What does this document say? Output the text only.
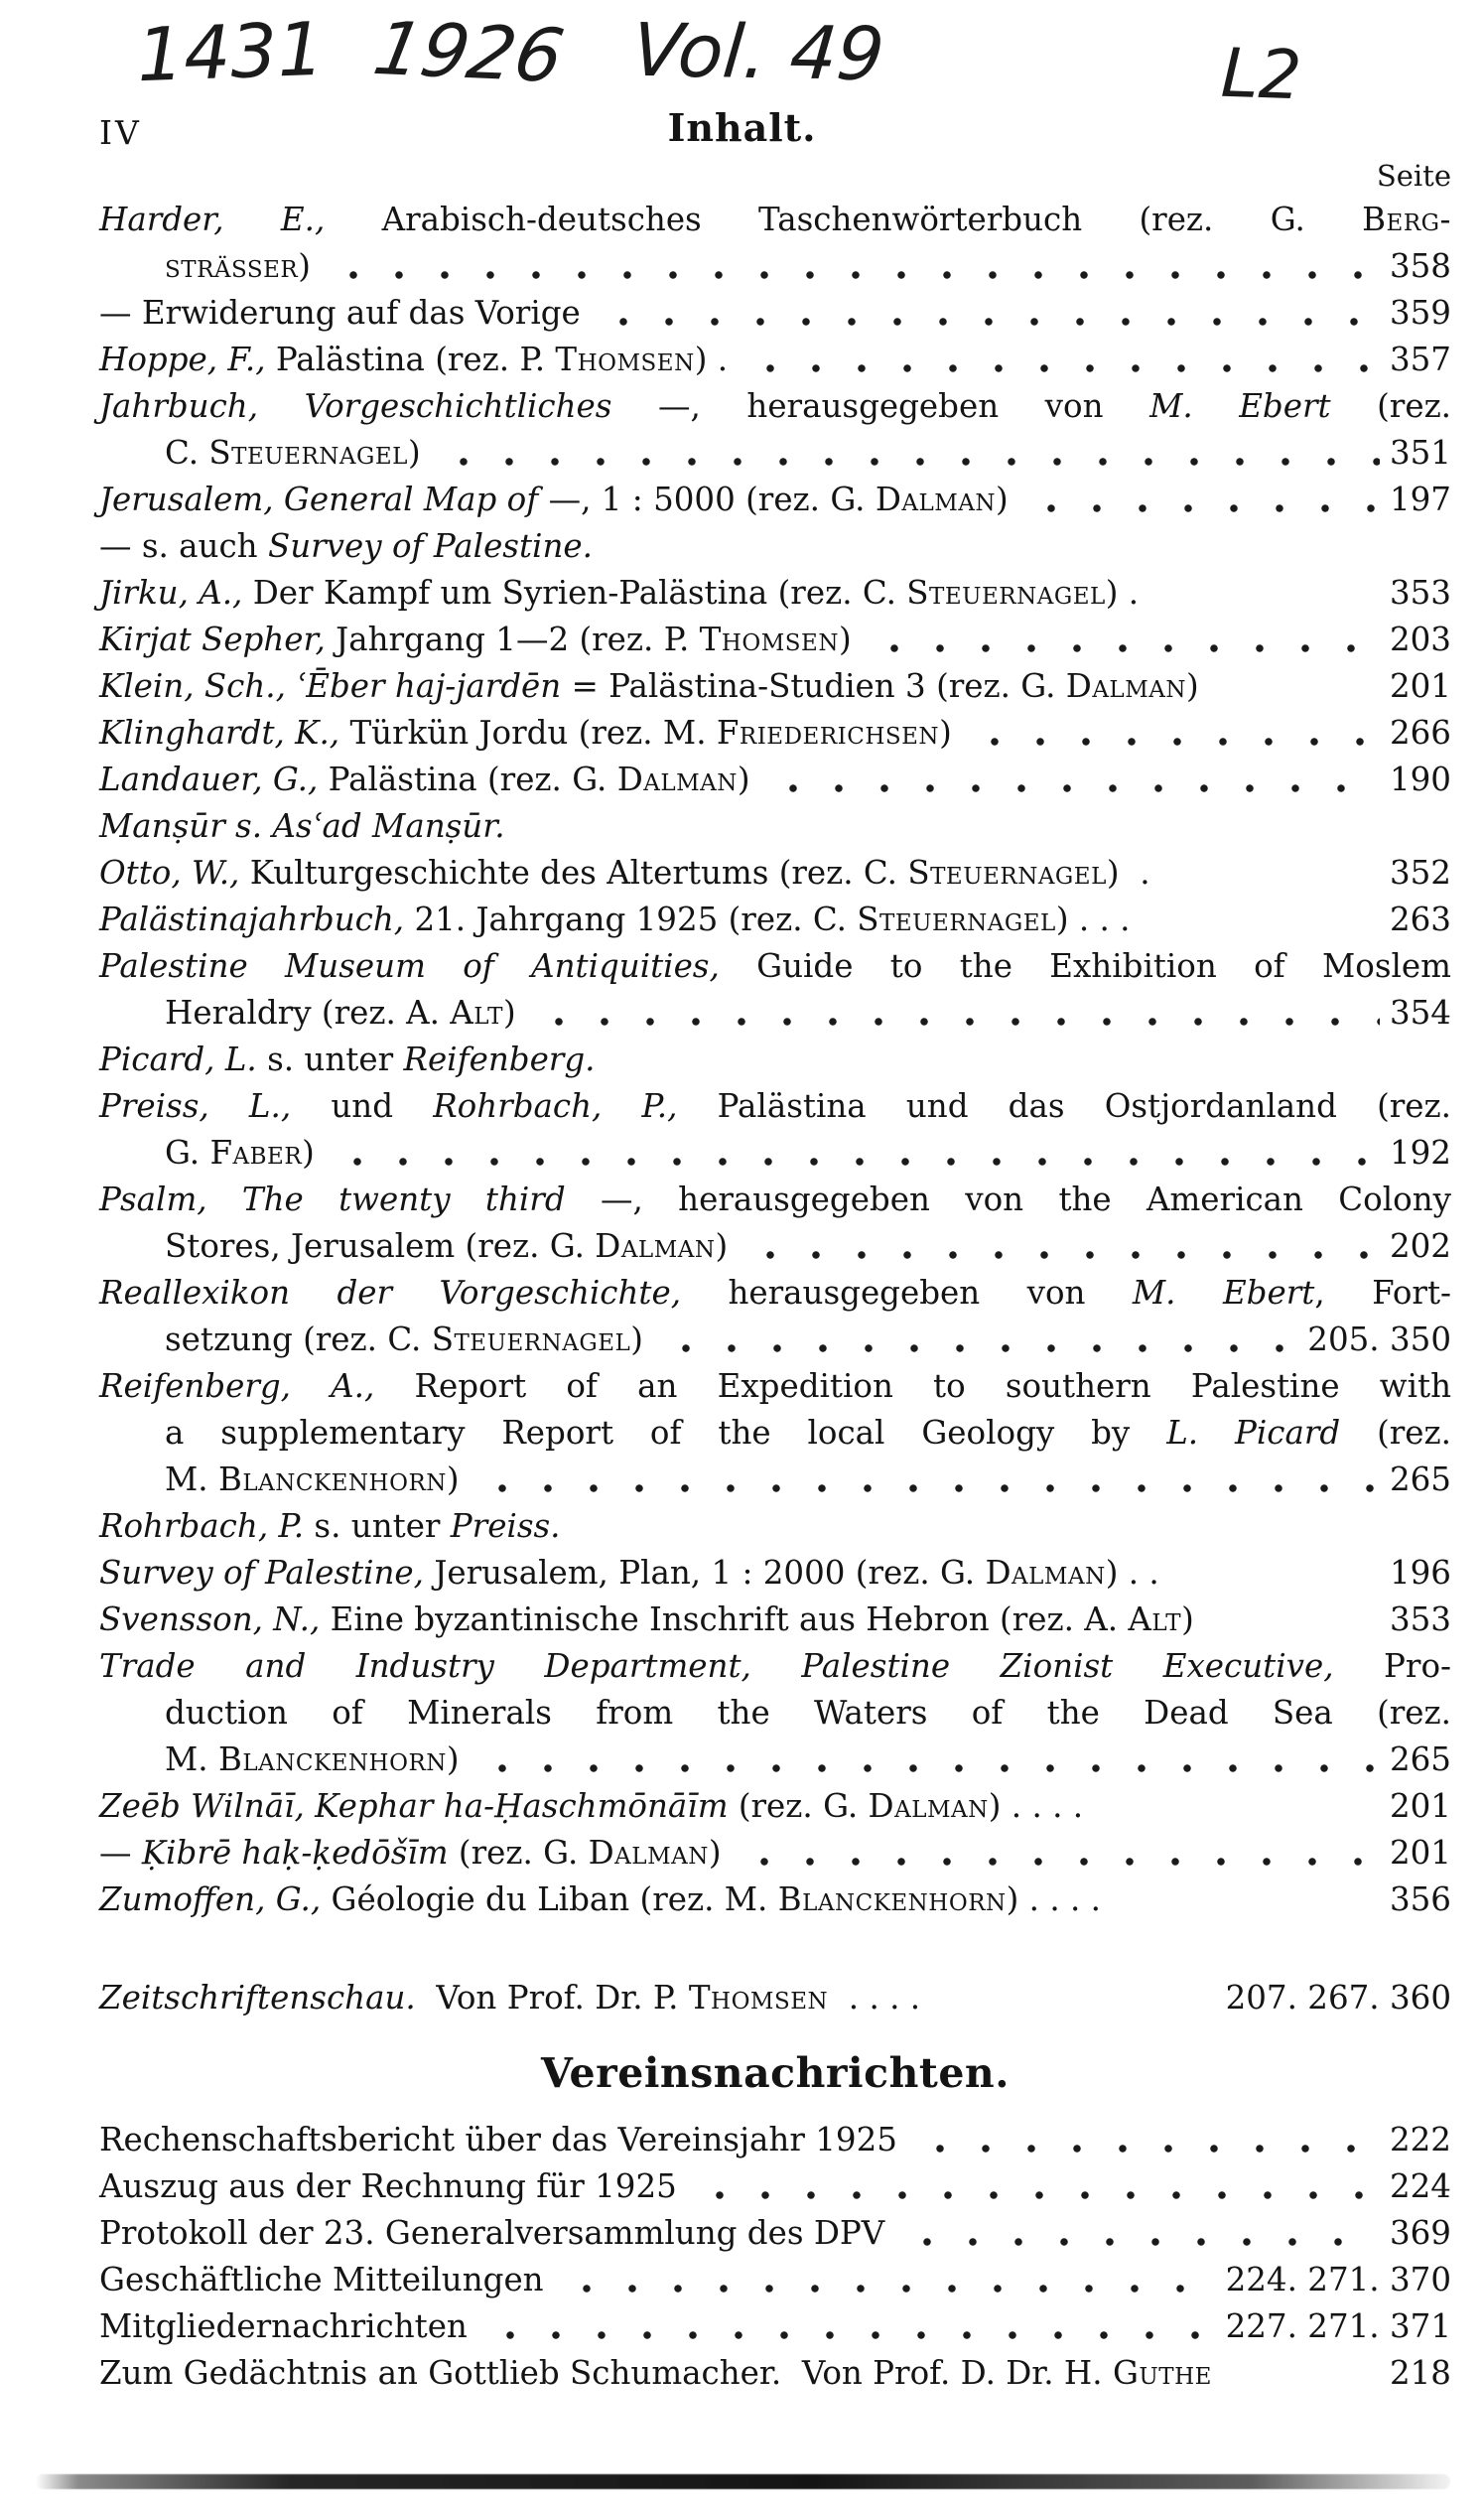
1431 1926 Vol. 49	L2
IV	Inhalt.
Seite
Harder, E., Arabisch-deutsches Taschenwörterbuch (rez. G. Berg-
strässer)	358
— Erwiderung auf das Vorige	359
Hoppe, F., Palästina (rez. P. Thomsen) .	357
Jahrbuch, Vorgeschichtliches —, herausgegeben von M. Ebert (rez.
C. Steuernagel)	351
Jerusalem, General Map of —, 1 : 5000 (rez. G. Dalman)	197
— s. auch Survey of Palestine.
Jirku, A., Der Kampf um Syrien-Palästina (rez. C. Steuernagel) .	353
Kirjat Sepher, Jahrgang 1—2 (rez. P. Thomsen)	203
Klein, Sch., ʿĒber haj-jardēn = Palästina-Studien 3 (rez. G. Dalman)	201
Klinghardt, K., Türkün Jordu (rez. M. Friederichsen)	266
Landauer, G., Palästina (rez. G. Dalman)	190
Manṣūr s. Asʿad Manṣūr.
Otto, W., Kulturgeschichte des Altertums (rez. C. Steuernagel)  .	352
Palästinajahrbuch, 21. Jahrgang 1925 (rez. C. Steuernagel) . . .	263
Palestine Museum of Antiquities, Guide to the Exhibition of Moslem
Heraldry (rez. A. Alt)	354
Picard, L. s. unter Reifenberg.
Preiss, L., und Rohrbach, P., Palästina und das Ostjordanland (rez.
G. Faber)	192
Psalm, The twenty third —, herausgegeben von the American Colony
Stores, Jerusalem (rez. G. Dalman)	202
Reallexikon der Vorgeschichte, herausgegeben von M. Ebert, Fort-
setzung (rez. C. Steuernagel)	205. 350
Reifenberg, A., Report of an Expedition to southern Palestine with
a supplementary Report of the local Geology by L. Picard (rez.
M. Blanckenhorn)	265
Rohrbach, P. s. unter Preiss.
Survey of Palestine, Jerusalem, Plan, 1 : 2000 (rez. G. Dalman) . .	196
Svensson, N., Eine byzantinische Inschrift aus Hebron (rez. A. Alt)	353
Trade and Industry Department, Palestine Zionist Executive, Pro-
duction of Minerals from the Waters of the Dead Sea (rez.
M. Blanckenhorn)	265
Zeēb Wilnāī, Kephar ha-Ḥaschmōnāīm (rez. G. Dalman) . . . .	201
— Ḳibrē haḳ-ḳedōšīm (rez. G. Dalman)	201
Zumoffen, G., Géologie du Liban (rez. M. Blanckenhorn) . . . .	356
Zeitschriftenschau.  Von Prof. Dr. P. Thomsen  . . . .	207. 267. 360
Vereinsnachrichten.
Rechenschaftsbericht über das Vereinsjahr 1925	222
Auszug aus der Rechnung für 1925	224
Protokoll der 23. Generalversammlung des DPV	369
Geschäftliche Mitteilungen	224. 271. 370
Mitgliedernachrichten	227. 271. 371
Zum Gedächtnis an Gottlieb Schumacher.  Von Prof. D. Dr. H. Guthe	218
